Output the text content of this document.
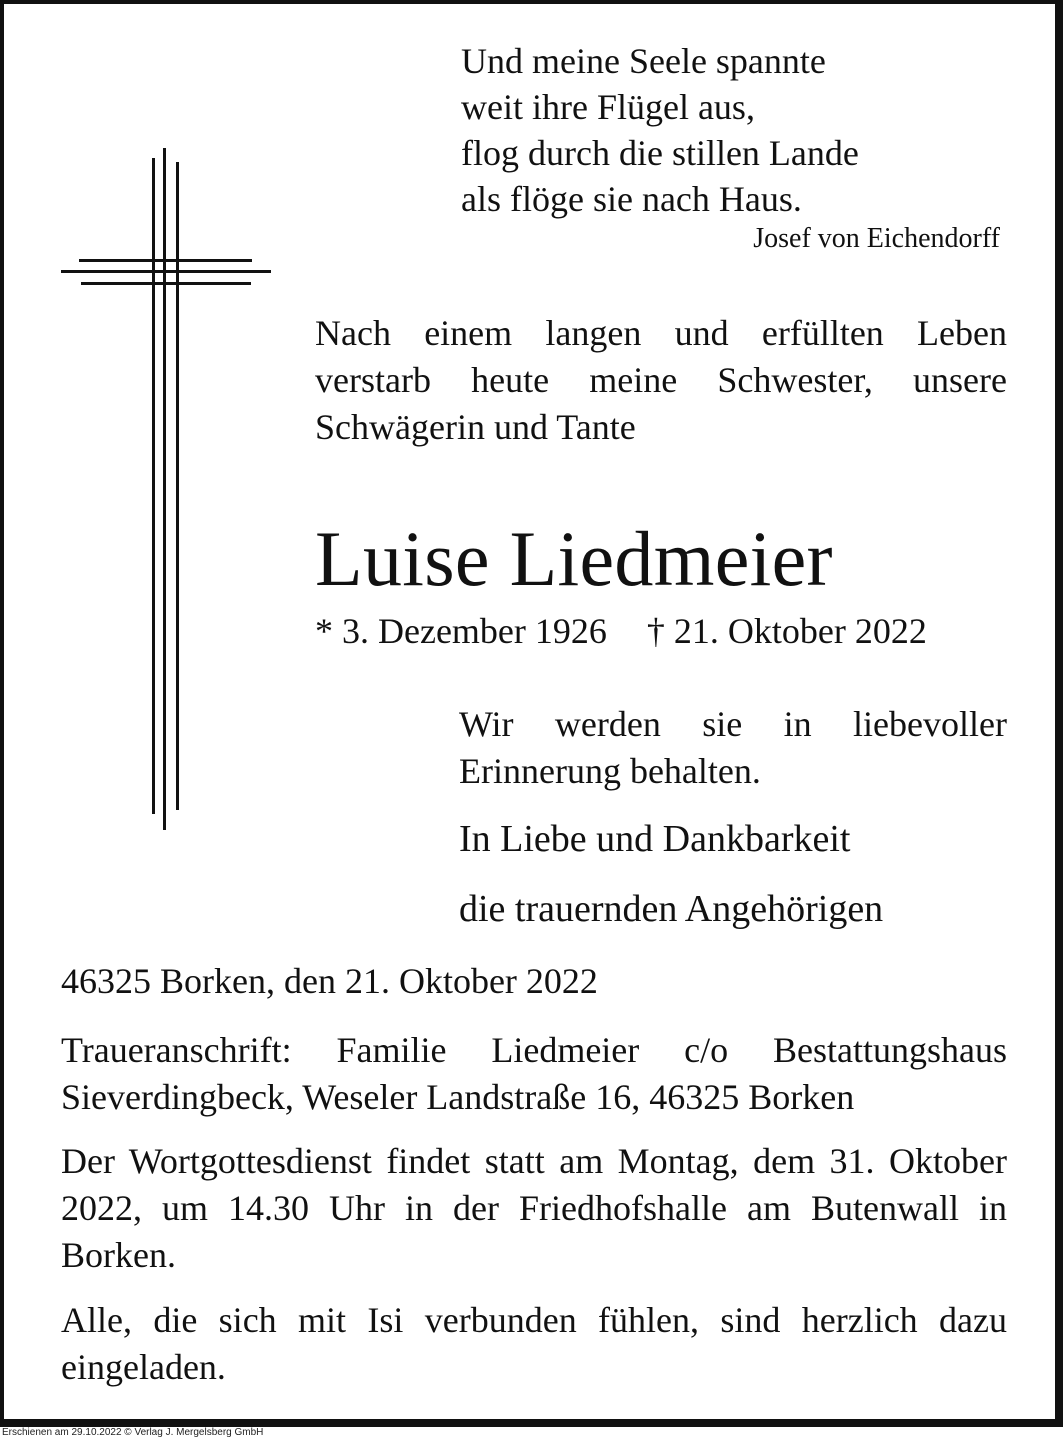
Und meine Seele spannte
weit ihre Flügel aus,
flog durch die stillen Lande
als flöge sie nach Haus.
Josef von Eichendorff
Nach einem langen und erfüllten Leben verstarb heute meine Schwester, unsere Schwägerin und Tante
Luise Liedmeier
* 3. Dezember 1926 † 21. Oktober 2022
Wir werden sie in liebevoller Erinnerung behalten.
In Liebe und Dankbarkeit
die trauernden Angehörigen
46325 Borken, den 21. Oktober 2022
Traueranschrift: Familie Liedmeier c/o Bestattungshaus Sieverdingbeck, Weseler Landstraße 16, 46325 Borken
Der Wortgottesdienst findet statt am Montag, dem 31. Oktober 2022, um 14.30 Uhr in der Friedhofshalle am Butenwall in Borken.
Alle, die sich mit Isi verbunden fühlen, sind herzlich dazu eingeladen.
Erschienen am 29.10.2022 © Verlag J. Mergelsberg GmbH
